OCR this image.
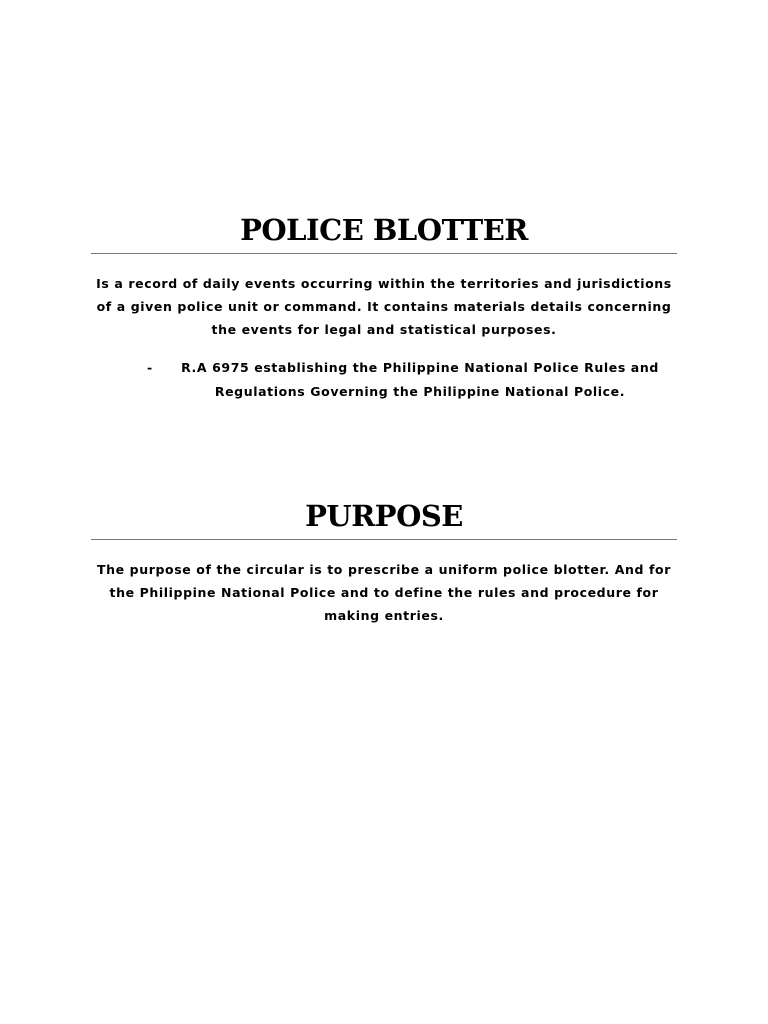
POLICE BLOTTER

Is a record of daily events occurring within the territories and jurisdictions of a given police unit or command. It contains materials details concerning the events for legal and statistical purposes.

-	R.A 6975 establishing the Philippine National Police Rules and Regulations Governing the Philippine National Police.
PURPOSE

The purpose of the circular is to prescribe a uniform police blotter. And for the Philippine National Police and to define the rules and procedure for making entries.
